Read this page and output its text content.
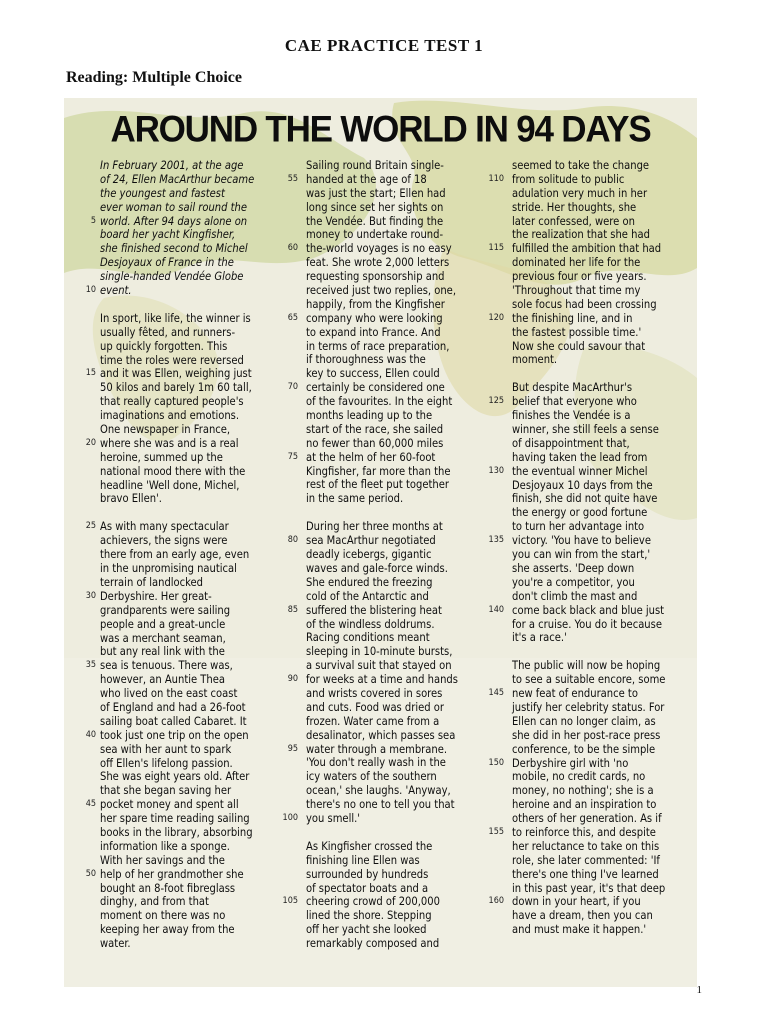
CAE PRACTICE TEST 1
Reading: Multiple Choice
AROUND THE WORLD IN 94 DAYS
In February 2001, at the age
of 24, Ellen MacArthur became
the youngest and fastest
ever woman to sail round the
5 world. After 94 days alone on
board her yacht Kingfisher,
she finished second to Michel
Desjoyaux of France in the
single-handed Vendée Globe
10 event.
In sport, like life, the winner is
usually fêted, and runners-
up quickly forgotten. This
time the roles were reversed
15 and it was Ellen, weighing just
50 kilos and barely 1m 60 tall,
that really captured people's
imaginations and emotions.
One newspaper in France,
20 where she was and is a real
heroine, summed up the
national mood there with the
headline 'Well done, Michel,
bravo Ellen'.
25 As with many spectacular
achievers, the signs were
there from an early age, even
in the unpromising nautical
terrain of landlocked
30 Derbyshire. Her great-
grandparents were sailing
people and a great-uncle
was a merchant seaman,
but any real link with the
35 sea is tenuous. There was,
however, an Auntie Thea
who lived on the east coast
of England and had a 26-foot
sailing boat called Cabaret. It
40 took just one trip on the open
sea with her aunt to spark
off Ellen's lifelong passion.
She was eight years old. After
that she began saving her
45 pocket money and spent all
her spare time reading sailing
books in the library, absorbing
information like a sponge.
With her savings and the
50 help of her grandmother she
bought an 8-foot fibreglass
dinghy, and from that
moment on there was no
keeping her away from the
water.
Sailing round Britain single-
55 handed at the age of 18
was just the start; Ellen had
long since set her sights on
the Vendée. But finding the
money to undertake round-
60 the-world voyages is no easy
feat. She wrote 2,000 letters
requesting sponsorship and
received just two replies, one,
happily, from the Kingfisher
65 company who were looking
to expand into France. And
in terms of race preparation,
if thoroughness was the
key to success, Ellen could
70 certainly be considered one
of the favourites. In the eight
months leading up to the
start of the race, she sailed
no fewer than 60,000 miles
75 at the helm of her 60-foot
Kingfisher, far more than the
rest of the fleet put together
in the same period.
During her three months at
80 sea MacArthur negotiated
deadly icebergs, gigantic
waves and gale-force winds.
She endured the freezing
cold of the Antarctic and
85 suffered the blistering heat
of the windless doldrums.
Racing conditions meant
sleeping in 10-minute bursts,
a survival suit that stayed on
90 for weeks at a time and hands
and wrists covered in sores
and cuts. Food was dried or
frozen. Water came from a
desalinator, which passes sea
95 water through a membrane.
'You don't really wash in the
icy waters of the southern
ocean,' she laughs. 'Anyway,
there's no one to tell you that
100 you smell.'
As Kingfisher crossed the
finishing line Ellen was
surrounded by hundreds
of spectator boats and a
105 cheering crowd of 200,000
lined the shore. Stepping
off her yacht she looked
remarkably composed and
seemed to take the change
110 from solitude to public
adulation very much in her
stride. Her thoughts, she
later confessed, were on
the realization that she had
115 fulfilled the ambition that had
dominated her life for the
previous four or five years.
'Throughout that time my
sole focus had been crossing
120 the finishing line, and in
the fastest possible time.'
Now she could savour that
moment.
But despite MacArthur's
125 belief that everyone who
finishes the Vendée is a
winner, she still feels a sense
of disappointment that,
having taken the lead from
130 the eventual winner Michel
Desjoyaux 10 days from the
finish, she did not quite have
the energy or good fortune
to turn her advantage into
135 victory. 'You have to believe
you can win from the start,'
she asserts. 'Deep down
you're a competitor, you
don't climb the mast and
140 come back black and blue just
for a cruise. You do it because
it's a race.'
The public will now be hoping
to see a suitable encore, some
145 new feat of endurance to
justify her celebrity status. For
Ellen can no longer claim, as
she did in her post-race press
conference, to be the simple
150 Derbyshire girl with 'no
mobile, no credit cards, no
money, no nothing'; she is a
heroine and an inspiration to
others of her generation. As if
155 to reinforce this, and despite
her reluctance to take on this
role, she later commented: 'If
there's one thing I've learned
in this past year, it's that deep
160 down in your heart, if you
have a dream, then you can
and must make it happen.'
1
